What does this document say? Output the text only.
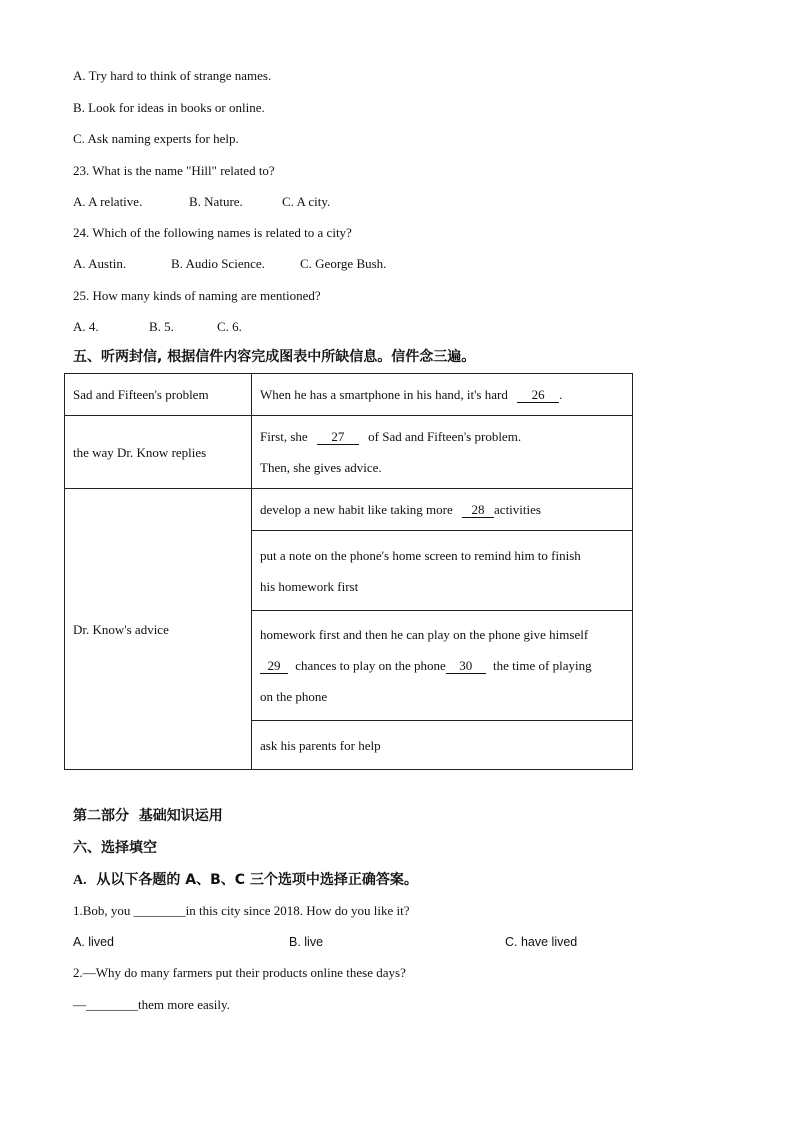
A. Try hard to think of strange names.
B. Look for ideas in books or online.
C. Ask naming experts for help.
23. What is the name "Hill" related to?
A. A relative.	B. Nature.	C. A city.
24. Which of the following names is related to a city?
A. Austin.	B. Audio Science.	C. George Bush.
25. How many kinds of naming are mentioned?
A. 4.	B. 5.	C. 6.
五、听两封信, 根据信件内容完成图表中所缺信息。信件念三遍。
Sad and Fifteen's problem	When he has a smartphone in his hand, it's hard 26 .
the way Dr. Know replies	First, she 27 of Sad and Fifteen's problem.
Then, she gives advice.

Dr. Know's advice	develop a new habit like taking more 28 activities

	put a note on the phone's home screen to remind him to finish
his homework first

	homework first and then he can play on the phone give himself
29 chances to play on the phone 30 the time of playing
on the phone

	ask his parents for help
第二部分  基础知识运用
六、选择填空
A. 从以下各题的 A、B、C 三个选项中选择正确答案。
1.Bob, you ________in this city since 2018. How do you like it?
A. lived	B. live	C. have lived
2.—Why do many farmers put their products online these days?
—________them more easily.
